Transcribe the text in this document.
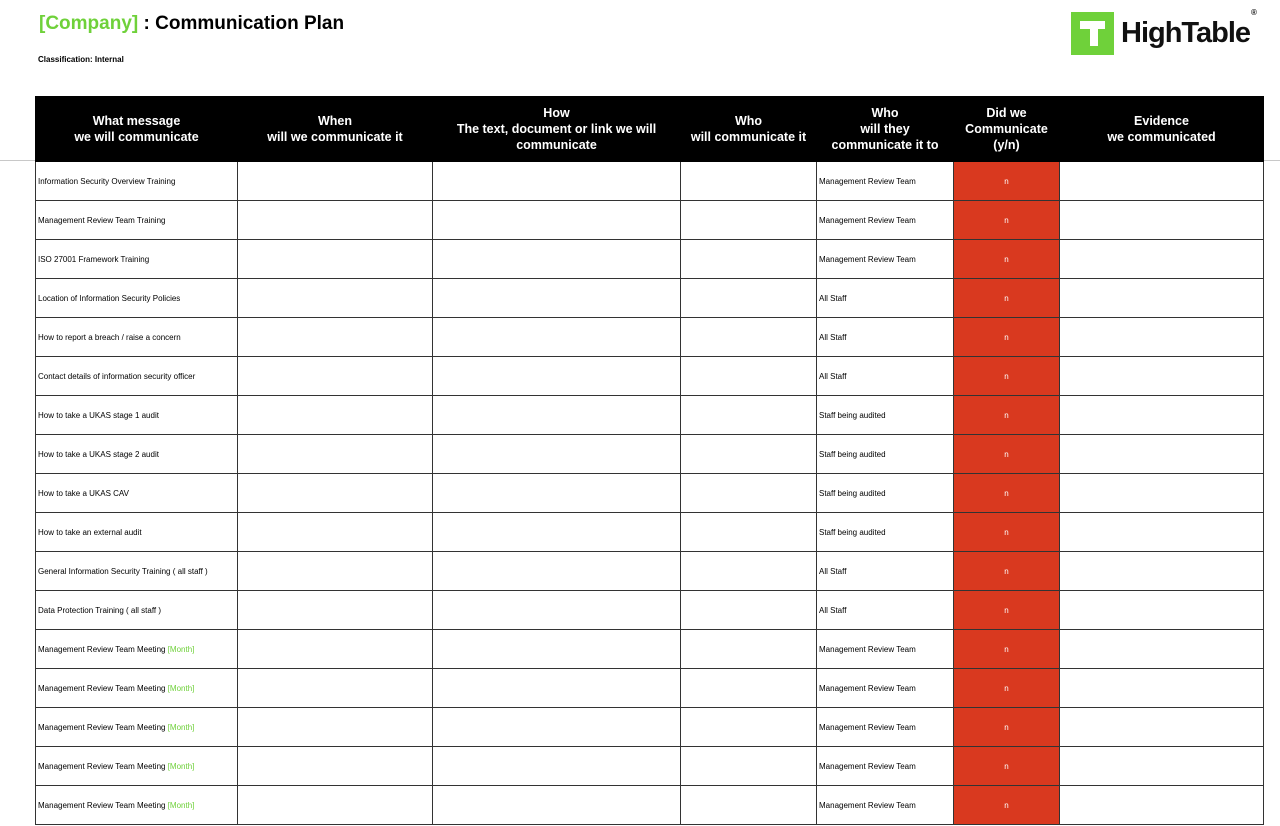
[Company] : Communication Plan
Classification: Internal
HighTable®
What message
we will communicate	When
will we communicate it	How
The text, document or link we will
communicate	Who
will communicate it	Who
will they
communicate it to	Did we
Communicate
(y/n)	Evidence
we communicated
Information Security Overview Training				Management Review Team	n	
Management Review Team Training				Management Review Team	n	
ISO 27001 Framework Training				Management Review Team	n	
Location of Information Security Policies				All Staff	n	
How to report a breach / raise a concern				All Staff	n	
Contact details of information security officer				All Staff	n	
How to take a UKAS stage 1 audit				Staff being audited	n	
How to take a UKAS stage 2 audit				Staff being audited	n	
How to take a UKAS CAV				Staff being audited	n	
How to take an external audit				Staff being audited	n	
General Information Security Training ( all staff )				All Staff	n	
Data Protection Training ( all staff )				All Staff	n	
Management Review Team Meeting [Month]				Management Review Team	n	
Management Review Team Meeting [Month]				Management Review Team	n	
Management Review Team Meeting [Month]				Management Review Team	n	
Management Review Team Meeting [Month]				Management Review Team	n	
Management Review Team Meeting [Month]				Management Review Team	n	
